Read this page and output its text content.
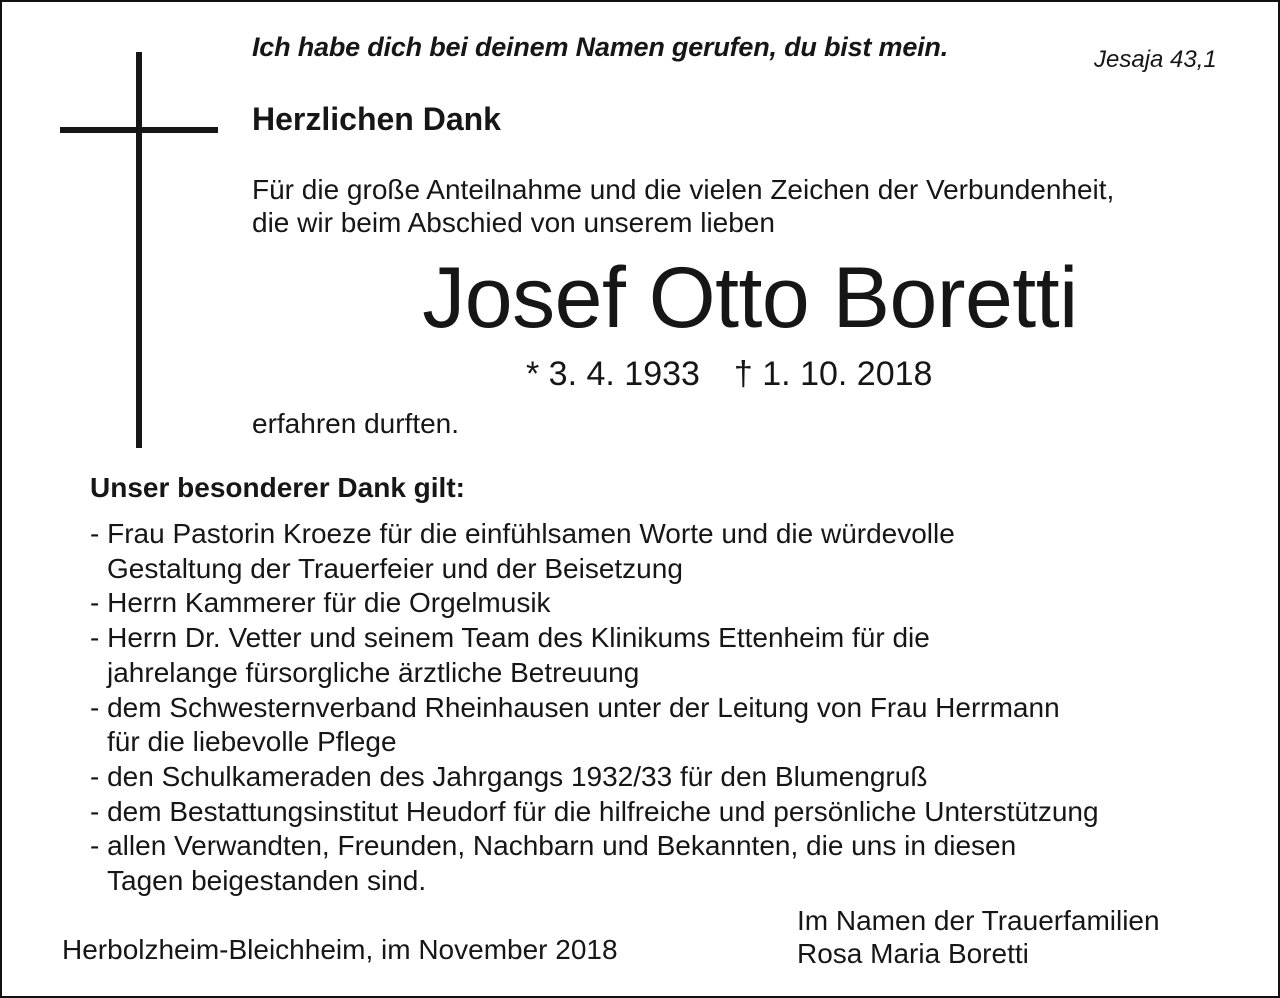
Ich habe dich bei deinem Namen gerufen, du bist mein.	Jesaja 43,1
Herzlichen Dank
Für die große Anteilnahme und die vielen Zeichen der Verbundenheit,
die wir beim Abschied von unserem lieben
Josef Otto Boretti
* 3. 4. 1933 † 1. 10. 2018
erfahren durften.
Unser besonderer Dank gilt:
- Frau Pastorin Kroeze für die einfühlsamen Worte und die würdevolle
Gestaltung der Trauerfeier und der Beisetzung
- Herrn Kammerer für die Orgelmusik
- Herrn Dr. Vetter und seinem Team des Klinikums Ettenheim für die
jahrelange fürsorgliche ärztliche Betreuung
- dem Schwesternverband Rheinhausen unter der Leitung von Frau Herrmann
für die liebevolle Pflege
- den Schulkameraden des Jahrgangs 1932/33 für den Blumengruß
- dem Bestattungsinstitut Heudorf für die hilfreiche und persönliche Unterstützung
- allen Verwandten, Freunden, Nachbarn und Bekannten, die uns in diesen
Tagen beigestanden sind.
Herbolzheim-Bleichheim, im November 2018
Im Namen der Trauerfamilien
Rosa Maria Boretti
